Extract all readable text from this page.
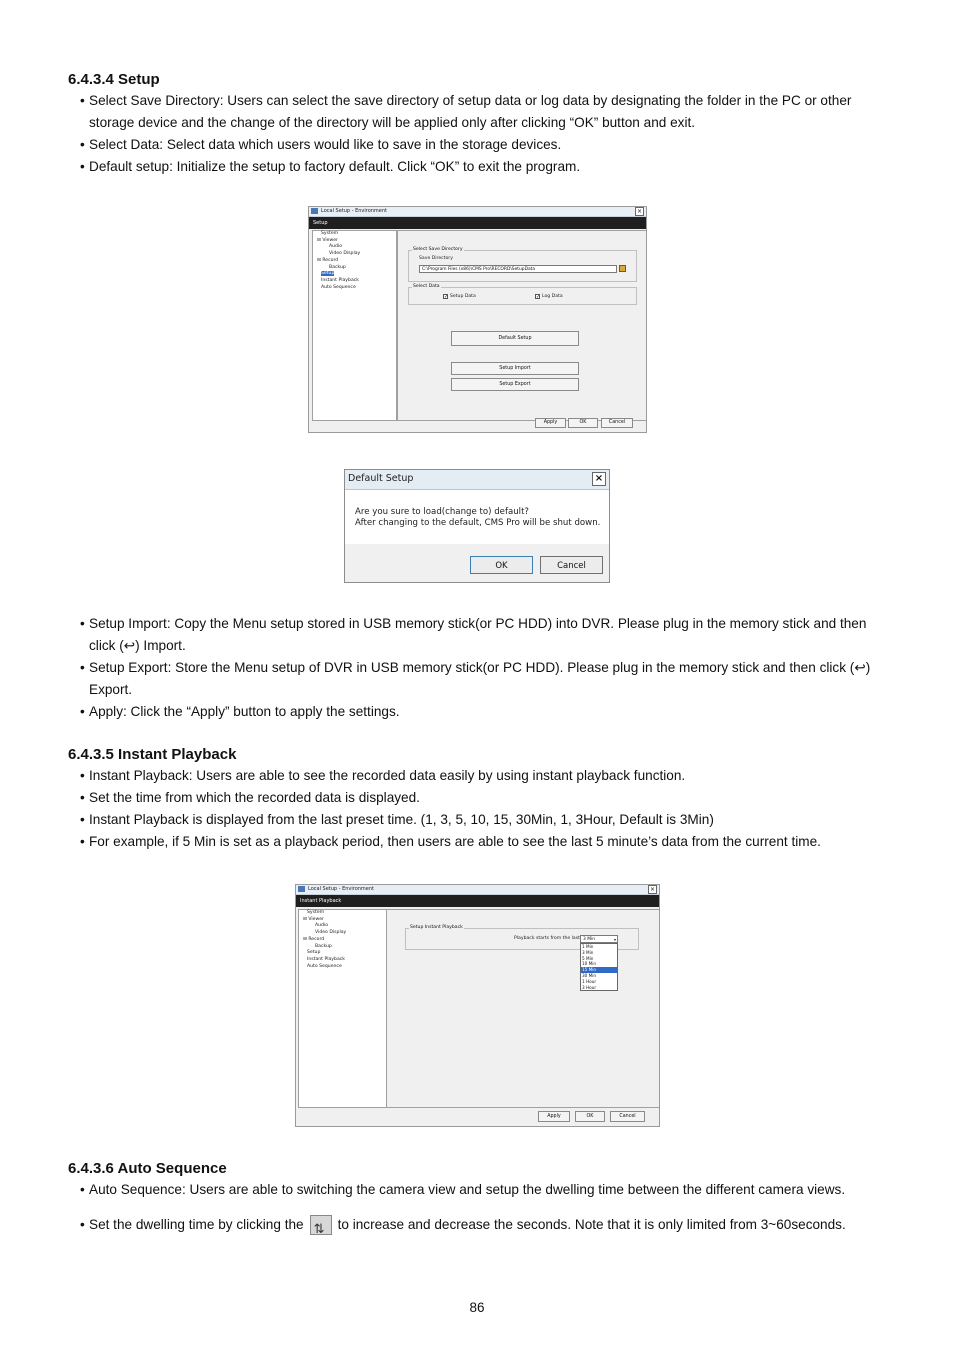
6.4.3.4 Setup
• Select Save Directory: Users can select the save directory of setup data or log data by designating the folder in the PC or other
storage device and the change of the directory will be applied only after clicking “OK” button and exit.
• Select Data: Select data which users would like to save in the storage devices.
• Default setup: Initialize the setup to factory default. Click “OK” to exit the program.
Local Setup - Environment	×
Setup
System
⊟ Viewer
Audio
Video Display
⊟ Record
Backup
Setup
Instant Playback
Auto Sequence
Select Save Directory
Save Directory
C:\Program Files (x86)\CMS Pro\RECORD\SetupData
Select Data
✓ Setup Data	✓ Log Data
Default Setup
Setup Import
Setup Export
Apply	OK	Cancel
Default Setup	×
Are you sure to load(change to) default?
After changing to the default, CMS Pro will be shut down.
OK	Cancel
• Setup Import: Copy the Menu setup stored in USB memory stick(or PC HDD) into DVR. Please plug in the memory stick and then
click (↩) Import.
• Setup Export: Store the Menu setup of DVR in USB memory stick(or PC HDD). Please plug in the memory stick and then click (↩)
Export.
• Apply: Click the “Apply” button to apply the settings.
6.4.3.5 Instant Playback
• Instant Playback: Users are able to see the recorded data easily by using instant playback function.
• Set the time from which the recorded data is displayed.
• Instant Playback is displayed from the last preset time. (1, 3, 5, 10, 15, 30Min, 1, 3Hour, Default is 3Min)
• For example, if 5 Min is set as a playback period, then users are able to see the last 5 minute’s data from the current time.
Local Setup - Environment	×
Instant Playback
System
⊟ Viewer
Audio
Video Display
⊟ Record
Backup
Setup
Instant Playback
Auto Sequence
Setup Instant Playback
Playback starts from the last 3 Min	▾
1 Min
3 Min
5 Min
10 Min
15 Min
30 Min
1 Hour
3 Hour
Apply	OK	Cancel
6.4.3.6 Auto Sequence
• Auto Sequence: Users are able to switching the camera view and setup the dwelling time between the different camera views.
• Set the dwelling time by clicking the⇅	to increase and decrease the seconds. Note that it is only limited from 3~60seconds.
86
